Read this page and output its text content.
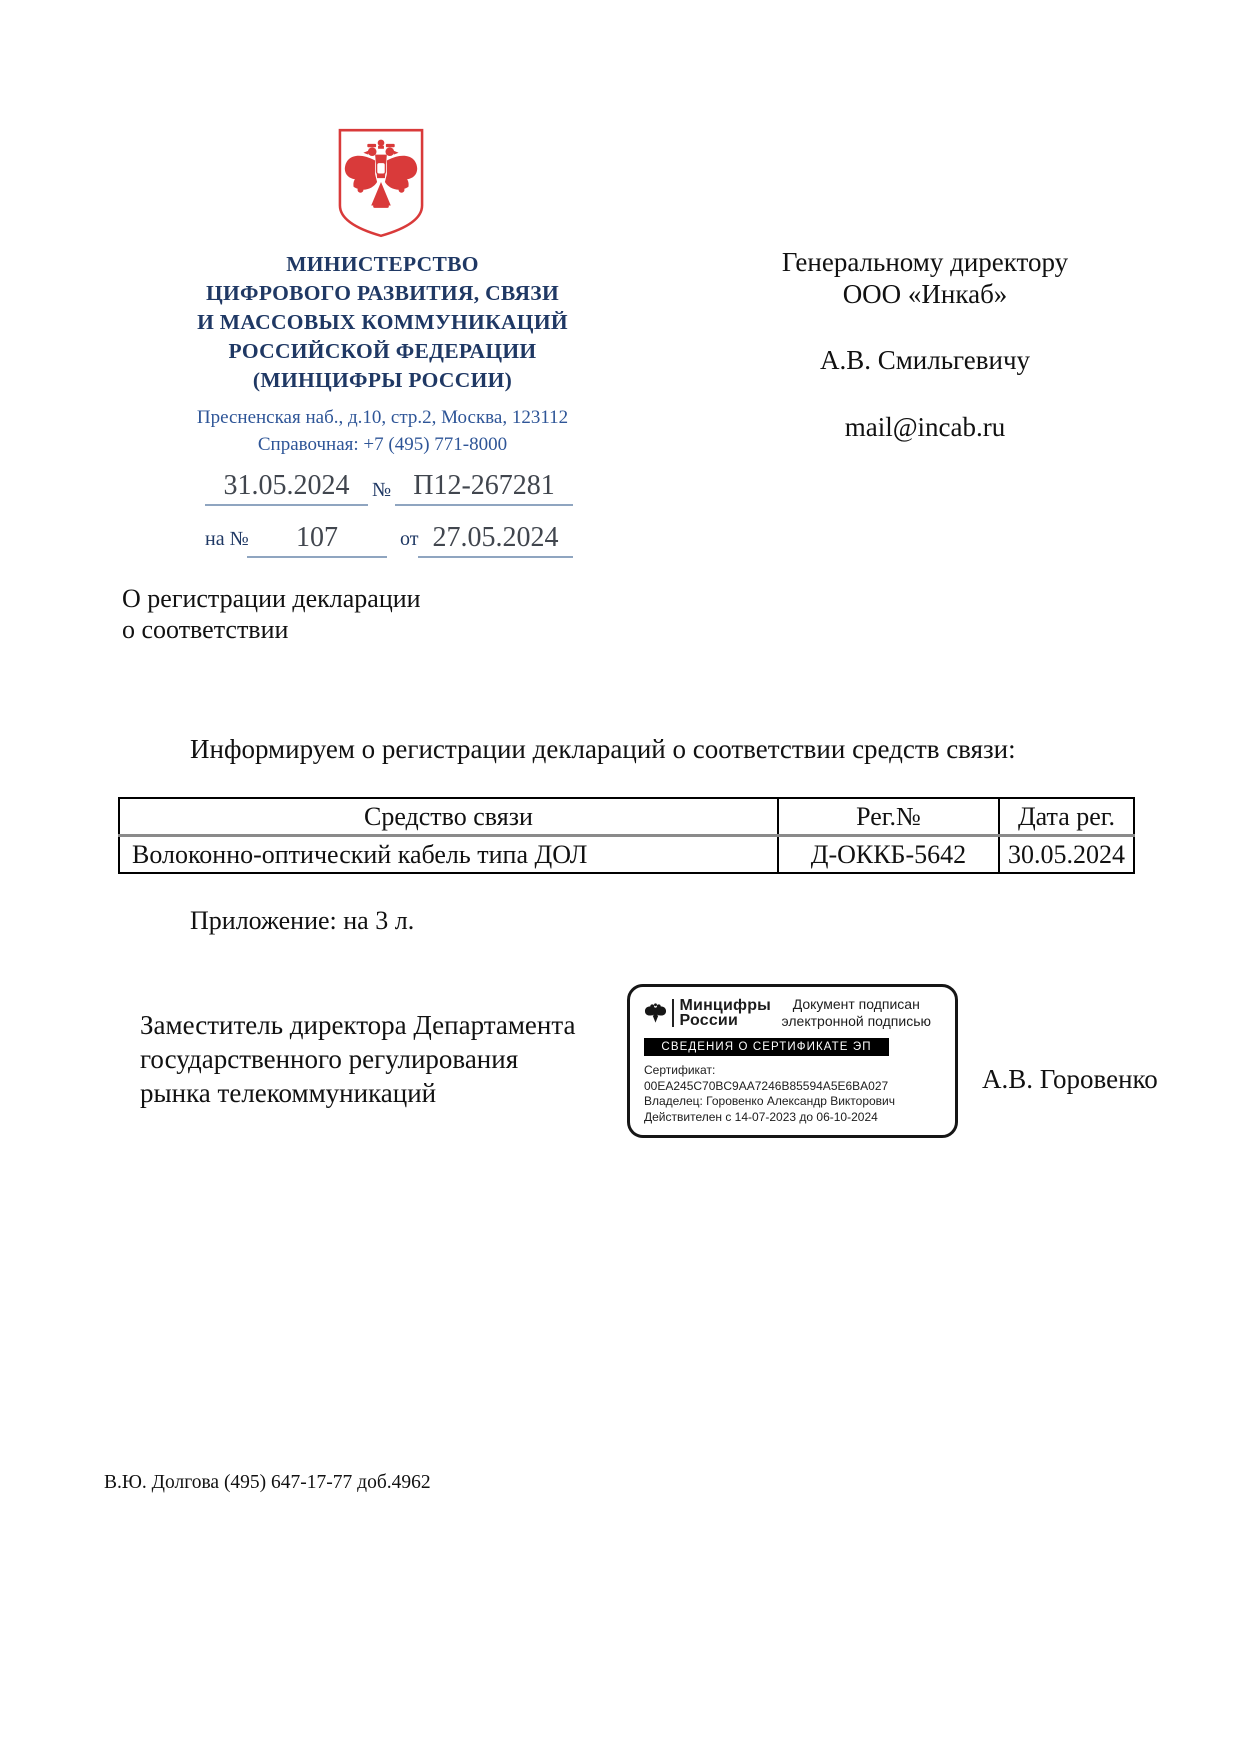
МИНИСТЕРСТВО
ЦИФРОВОГО РАЗВИТИЯ, СВЯЗИ
И МАССОВЫХ КОММУНИКАЦИЙ
РОССИЙСКОЙ ФЕДЕРАЦИИ
(МИНЦИФРЫ РОССИИ)
Пресненская наб., д.10, стр.2, Москва, 123112
Справочная: +7 (495) 771-8000
31.05.2024	№ П12-267281
на №	107	от 27.05.2024
Генеральному директору
ООО «Инкаб»
А.В. Смильгевичу
mail@incab.ru
О регистрации декларации
о соответствии
Информируем о регистрации деклараций о соответствии средств связи:
Средство связи	Рег.№	Дата рег.
Волоконно-оптический кабель типа ДОЛ	Д-ОККБ-5642	30.05.2024
Приложение: на 3 л.
Заместитель директора Департамента
государственного регулирования
рынка телекоммуникаций
Минцифры
России
Документ подписан
электронной подписью
СВЕДЕНИЯ О СЕРТИФИКАТЕ ЭП
Сертификат: 00EA245C70BC9AA7246B85594A5E6BA027
Владелец: Горовенко Александр Викторович
Действителен с 14-07-2023 до 06-10-2024
А.В. Горовенко
В.Ю. Долгова (495) 647-17-77 доб.4962
